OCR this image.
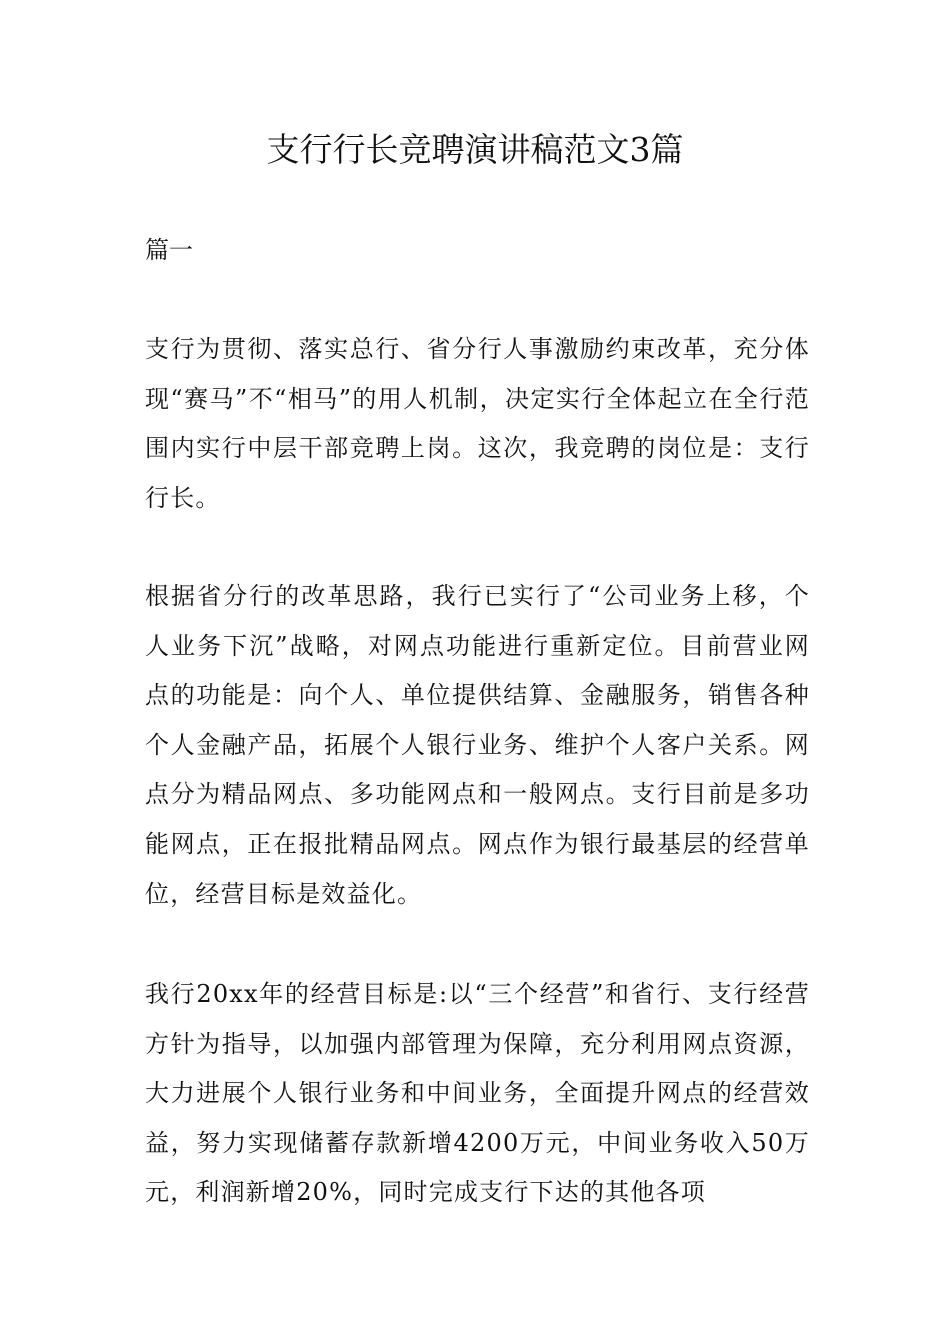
支行行长竞聘演讲稿范文3篇

篇一

支行为贯彻、落实总行、省分行人事激励约束改革，充分体现“赛马”不“相马”的用人机制，决定实行全体起立在全行范围内实行中层干部竞聘上岗。这次，我竞聘的岗位是：支行行长。

根据省分行的改革思路，我行已实行了“公司业务上移，个人业务下沉”战略，对网点功能进行重新定位。目前营业网点的功能是：向个人、单位提供结算、金融服务，销售各种个人金融产品，拓展个人银行业务、维护个人客户关系。网点分为精品网点、多功能网点和一般网点。支行目前是多功能网点，正在报批精品网点。网点作为银行最基层的经营单位，经营目标是效益化。

我行20xx年的经营目标是:以“三个经营”和省行、支行经营方针为指导，以加强内部管理为保障，充分利用网点资源，大力进展个人银行业务和中间业务，全面提升网点的经营效益，努力实现储蓄存款新增4200万元，中间业务收入50万元，利润新增20%，同时完成支行下达的其他各项
